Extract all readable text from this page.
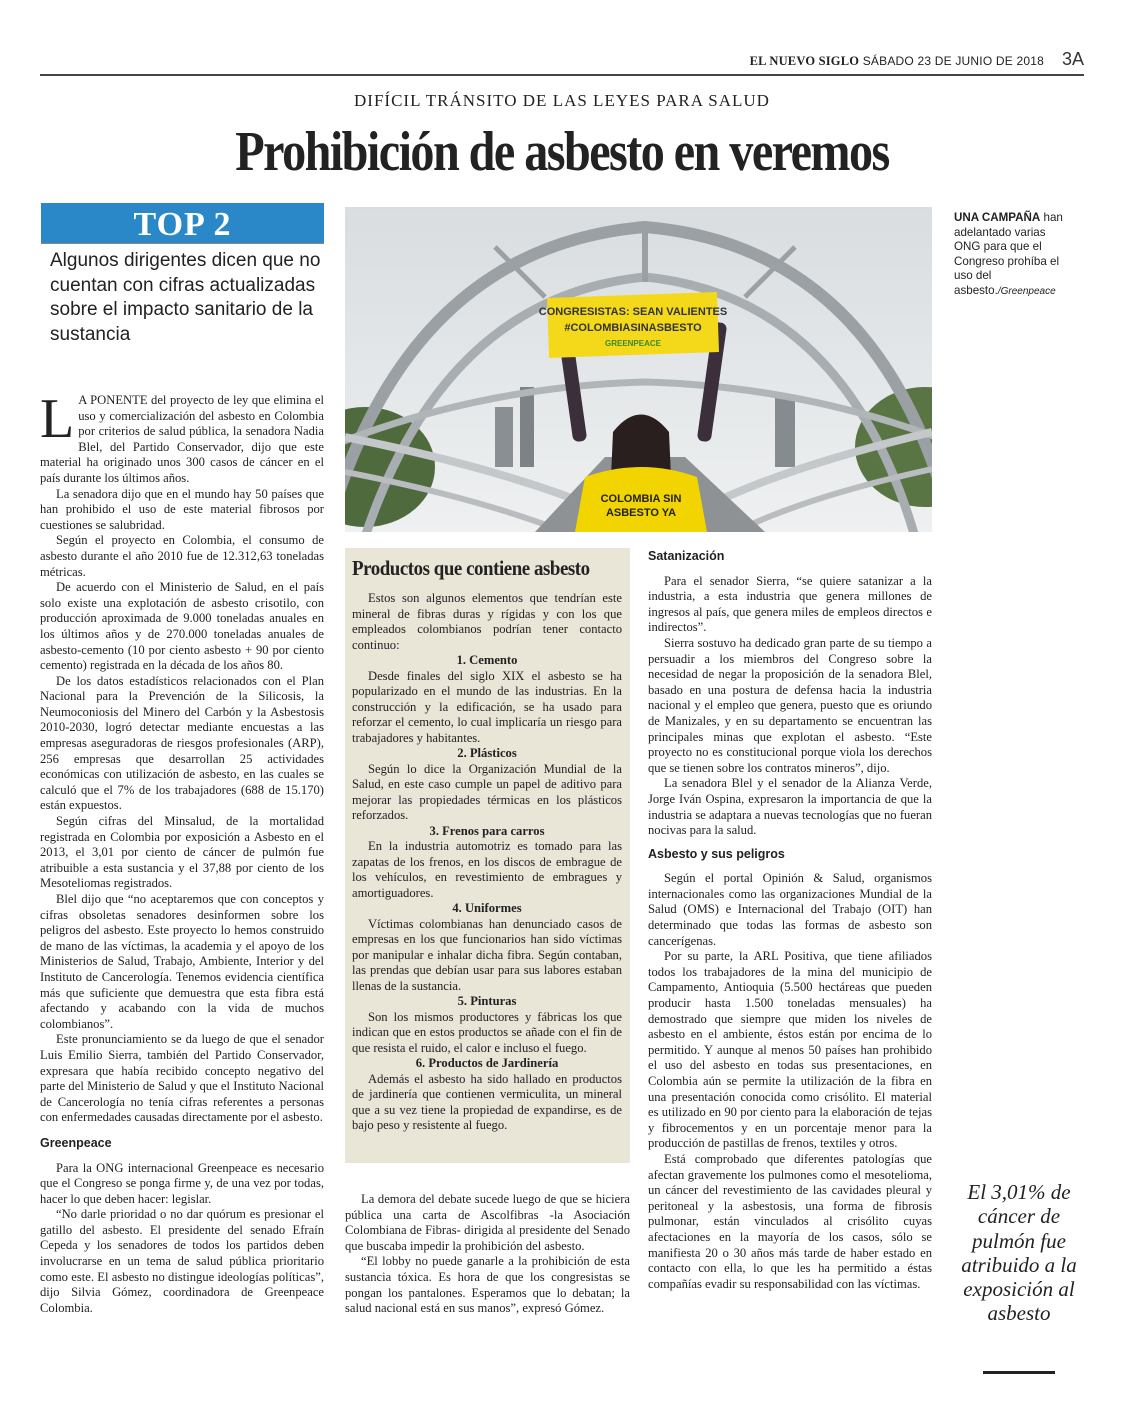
3A
EL NUEVO SIGLO SÁBADO 23 DE JUNIO DE 2018
DIFÍCIL TRÁNSITO DE LAS LEYES PARA SALUD
Prohibición de asbesto en veremos
TOP 2
Algunos dirigentes dicen que no cuentan con cifras actualizadas sobre el impacto sanitario de la sustancia
COLOMBIA SIN
ASBESTO YA
CONGRESISTAS: SEAN VALIENTES
#COLOMBIASINASBESTO
GREENPEACE
UNA CAMPAÑA han adelantado varias ONG para que el Congreso prohíba el uso del asbesto./Greenpeace

L A PONENTE del proyecto de ley que elimina el uso y comercialización del asbesto en Colombia por criterios de salud pública, la senadora Nadia Blel, del Partido Conservador, dijo que este material ha originado unos 300 casos de cáncer en el país durante los últimos años.

La senadora dijo que en el mundo hay 50 países que han prohibido el uso de este material fibrosos por cuestiones se salubridad.

Según el proyecto en Colombia, el consumo de asbesto durante el año 2010 fue de 12.312,63 toneladas métricas.

De acuerdo con el Ministerio de Salud, en el país solo existe una explotación de asbesto crisotilo, con producción aproximada de 9.000 toneladas anuales en los últimos años y de 270.000 toneladas anuales de asbesto-cemento (10 por ciento asbesto + 90 por ciento cemento) registrada en la década de los años 80.

De los datos estadísticos relacionados con el Plan Nacional para la Prevención de la Silicosis, la Neumoconiosis del Minero del Carbón y la Asbestosis 2010-2030, logró detectar mediante encuestas a las empresas aseguradoras de riesgos profesionales (ARP), 256 empresas que desarrollan 25 actividades económicas con utilización de asbesto, en las cuales se calculó que el 7% de los trabajadores (688 de 15.170) están expuestos.

Según cifras del Minsalud, de la mortalidad registrada en Colombia por exposición a Asbesto en el 2013, el 3,01 por ciento de cáncer de pulmón fue atribuible a esta sustancia y el 37,88 por ciento de los Mesoteliomas registrados.

Blel dijo que “no aceptaremos que con conceptos y cifras obsoletas senadores desinformen sobre los peligros del asbesto. Este proyecto lo hemos construido de mano de las víctimas, la academia y el apoyo de los Ministerios de Salud, Trabajo, Ambiente, Interior y del Instituto de Cancerología. Tenemos evidencia científica más que suficiente que demuestra que esta fibra está afectando y acabando con la vida de muchos colombianos”.

Este pronunciamiento se da luego de que el senador Luis Emilio Sierra, también del Partido Conservador, expresara que había recibido concepto negativo del parte del Ministerio de Salud y que el Instituto Nacional de Cancerología no tenía cifras referentes a personas con enfermedades causadas directamente por el asbesto.

Greenpeace

Para la ONG internacional Greenpeace es necesario que el Congreso se ponga firme y, de una vez por todas, hacer lo que deben hacer: legislar.

“No darle prioridad o no dar quórum es presionar el gatillo del asbesto. El presidente del senado Efraín Cepeda y los senadores de todos los partidos deben involucrarse en un tema de salud pública prioritario como este. El asbesto no distingue ideologías políticas”, dijo Silvia Gómez, coordinadora de Greenpeace Colombia.

Productos que contiene asbesto

Estos son algunos elementos que tendrían este mineral de fibras duras y rígidas y con los que empleados colombianos podrían tener contacto continuo:

1. Cemento

Desde finales del siglo XIX el asbesto se ha popularizado en el mundo de las industrias. En la construcción y la edificación, se ha usado para reforzar el cemento, lo cual implicaría un riesgo para trabajadores y habitantes.

2. Plásticos

Según lo dice la Organización Mundial de la Salud, en este caso cumple un papel de aditivo para mejorar las propiedades térmicas en los plásticos reforzados.

3. Frenos para carros

En la industria automotriz es tomado para las zapatas de los frenos, en los discos de embrague de los vehículos, en revestimiento de embragues y amortiguadores.

4. Uniformes

Víctimas colombianas han denunciado casos de empresas en los que funcionarios han sido víctimas por manipular e inhalar dicha fibra. Según contaban, las prendas que debían usar para sus labores estaban llenas de la sustancia.

5. Pinturas

Son los mismos productores y fábricas los que indican que en estos productos se añade con el fin de que resista el ruido, el calor e incluso el fuego.

6. Productos de Jardinería

Además el asbesto ha sido hallado en productos de jardinería que contienen vermiculita, un mineral que a su vez tiene la propiedad de expandirse, es de bajo peso y resistente al fuego.

La demora del debate sucede luego de que se hiciera pública una carta de Ascolfibras -la Asociación Colombiana de Fibras- dirigida al presidente del Senado que buscaba impedir la prohibición del asbesto.

“El lobby no puede ganarle a la prohibición de esta sustancia tóxica. Es hora de que los congresistas se pongan los pantalones. Esperamos que lo debatan; la salud nacional está en sus manos”, expresó Gómez.

Satanización

Para el senador Sierra, “se quiere satanizar a la industria, a esta industria que genera millones de ingresos al país, que genera miles de empleos directos e indirectos”.

Sierra sostuvo ha dedicado gran parte de su tiempo a persuadir a los miembros del Congreso sobre la necesidad de negar la proposición de la senadora Blel, basado en una postura de defensa hacia la industria nacional y el empleo que genera, puesto que es oriundo de Manizales, y en su departamento se encuentran las principales minas que explotan el asbesto. “Este proyecto no es constitucional porque viola los derechos que se tienen sobre los contratos mineros”, dijo.

La senadora Blel y el senador de la Alianza Verde, Jorge Iván Ospina, expresaron la importancia de que la industria se adaptara a nuevas tecnologías que no fueran nocivas para la salud.

Asbesto y sus peligros

Según el portal Opinión & Salud, organismos internacionales como las organizaciones Mundial de la Salud (OMS) e Internacional del Trabajo (OIT) han determinado que todas las formas de asbesto son cancerígenas.

Por su parte, la ARL Positiva, que tiene afiliados todos los trabajadores de la mina del municipio de Campamento, Antioquia (5.500 hectáreas que pueden producir hasta 1.500 toneladas mensuales) ha demostrado que siempre que miden los niveles de asbesto en el ambiente, éstos están por encima de lo permitido. Y aunque al menos 50 países han prohibido el uso del asbesto en todas sus presentaciones, en Colombia aún se permite la utilización de la fibra en una presentación conocida como crisólito. El material es utilizado en 90 por ciento para la elaboración de tejas y fibrocementos y en un porcentaje menor para la producción de pastillas de frenos, textiles y otros.

Está comprobado que diferentes patologías que afectan gravemente los pulmones como el mesotelioma, un cáncer del revestimiento de las cavidades pleural y peritoneal y la asbestosis, una forma de fibrosis pulmonar, están vinculados al crisólito cuyas afectaciones en la mayoría de los casos, sólo se manifiesta 20 o 30 años más tarde de haber estado en contacto con ella, lo que les ha permitido a éstas compañías evadir su responsabilidad con las víctimas.

El 3,01% de cáncer de pulmón fue atribuido a la exposición al asbesto
